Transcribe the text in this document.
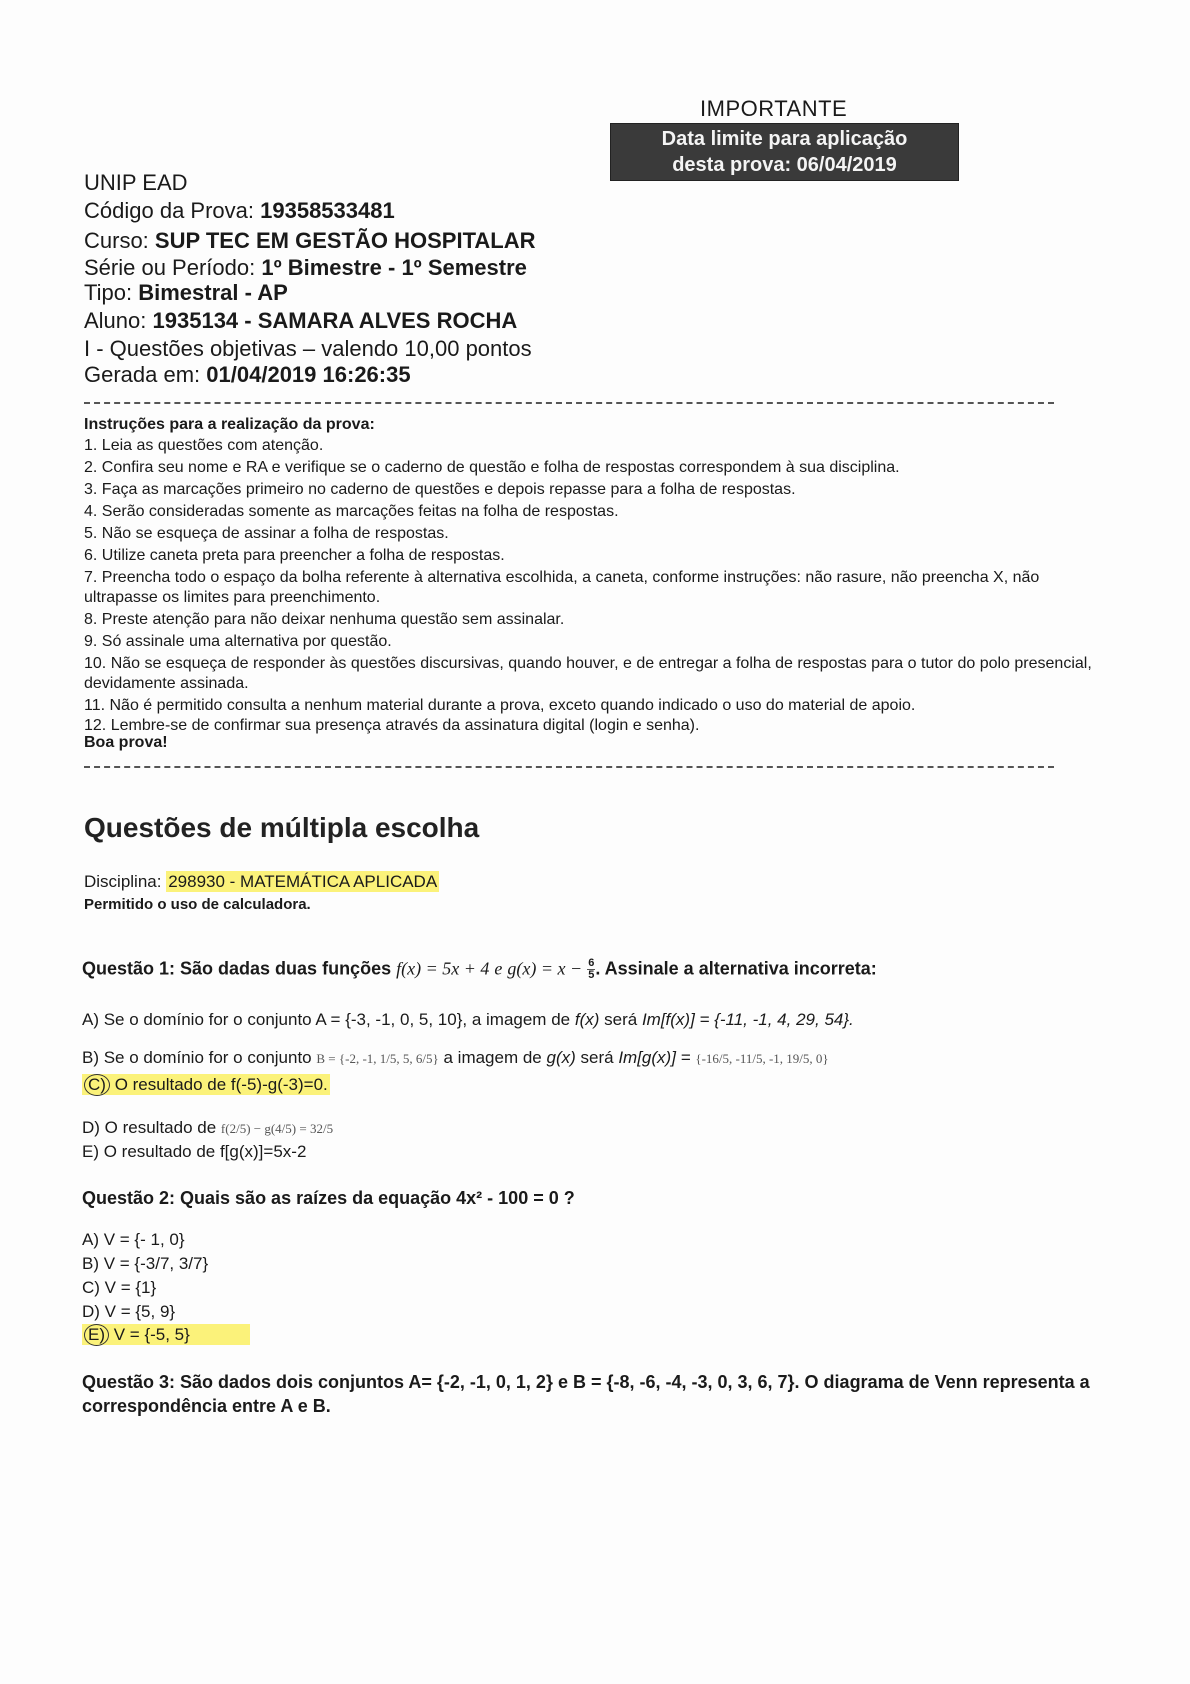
IMPORTANTE
Data limite para aplicação
desta prova: 06/04/2019
UNIP EAD
Código da Prova: 19358533481
Curso: SUP TEC EM GESTÃO HOSPITALAR
Série ou Período: 1º Bimestre - 1º Semestre
Tipo: Bimestral - AP
Aluno: 1935134 - SAMARA ALVES ROCHA
I - Questões objetivas – valendo 10,00 pontos
Gerada em: 01/04/2019 16:26:35
Instruções para a realização da prova:
1. Leia as questões com atenção.
2. Confira seu nome e RA e verifique se o caderno de questão e folha de respostas correspondem à sua disciplina.
3. Faça as marcações primeiro no caderno de questões e depois repasse para a folha de respostas.
4. Serão consideradas somente as marcações feitas na folha de respostas.
5. Não se esqueça de assinar a folha de respostas.
6. Utilize caneta preta para preencher a folha de respostas.
7. Preencha todo o espaço da bolha referente à alternativa escolhida, a caneta, conforme instruções: não rasure, não preencha X, não ultrapasse os limites para preenchimento.
8. Preste atenção para não deixar nenhuma questão sem assinalar.
9. Só assinale uma alternativa por questão.
10. Não se esqueça de responder às questões discursivas, quando houver, e de entregar a folha de respostas para o tutor do polo presencial, devidamente assinada.
11. Não é permitido consulta a nenhum material durante a prova, exceto quando indicado o uso do material de apoio.
12. Lembre-se de confirmar sua presença através da assinatura digital (login e senha).
Boa prova!
Questões de múltipla escolha
Disciplina: 298930 - MATEMÁTICA APLICADA
Permitido o uso de calculadora.
Questão 1: São dadas duas funções f(x) = 5x + 4 e $g(x) = x - \frac{6}{5}$ . Assinale a alternativa incorreta:
A) Se o domínio for o conjunto A = {-3, -1, 0, 5, 10}, a imagem de f(x) será Im[f(x)] = {-11, -1, 4, 29, 54}.
B) Se o domínio for o conjunto B = {-2, -1, 1/5, 5, 6/5} a imagem de g(x) será Im[g(x)] = {-16/5, -11/5, -1, 19/5, 0}
C) O resultado de f(-5)-g(-3)=0.
D) O resultado de f(2/5) − g(4/5) = 32/5
E) O resultado de f[g(x)]=5x-2
Questão 2: Quais são as raízes da equação 4x² - 100 = 0 ?
A) V = {- 1, 0}
B) V = {-3/7, 3/7}
C) V = {1}
D) V = {5, 9}
E) V = {-5, 5}
Questão 3: São dados dois conjuntos A= {-2, -1, 0, 1, 2} e B = {-8, -6, -4, -3, 0, 3, 6, 7}. O diagrama de Venn representa a correspondência entre A e B.
